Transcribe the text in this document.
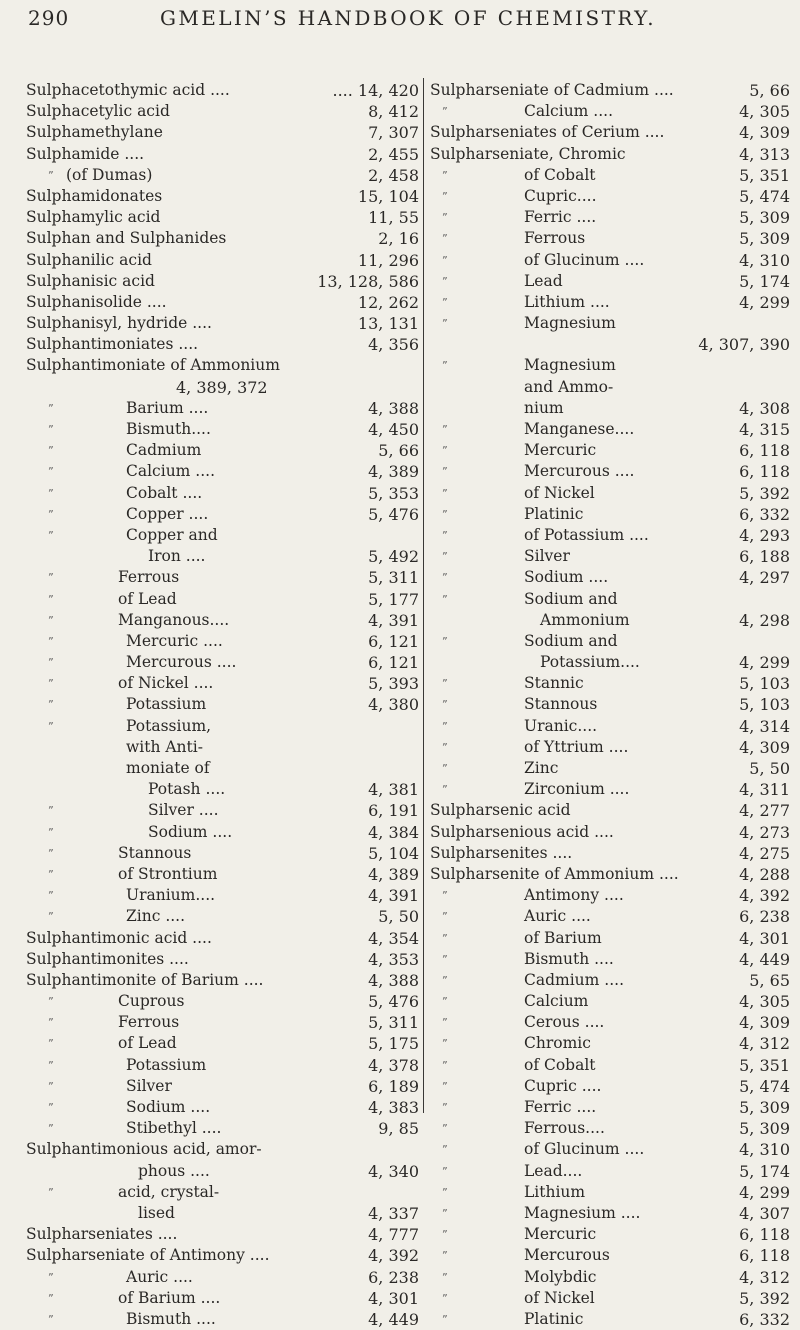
290	GMELIN’S HANDBOOK OF CHEMISTRY.
Sulphacetothymic acid ....	.... 14, 420
Sulphacetylic acid	8, 412
Sulphamethylane	7, 307
Sulphamide ....	2, 455
” (of Dumas)	2, 458
Sulphamidonates	15, 104
Sulphamylic acid	11, 55
Sulphan and Sulphanides	2, 16
Sulphanilic acid	11, 296
Sulphanisic acid	13, 128, 586
Sulphanisolide ....	12, 262
Sulphanisyl, hydride ....	13, 131
Sulphantimoniates ....	4, 356
Sulphantimoniate of Ammonium
4, 389, 372
”	Barium ....	4, 388
”	Bismuth....	4, 450
”	Cadmium	5, 66
”	Calcium ....	4, 389
”	Cobalt ....	5, 353
”	Copper ....	5, 476
”	Copper and
Iron ....	5, 492
”	Ferrous	5, 311
”	of Lead	5, 177
”	Manganous....	4, 391
”	Mercuric ....	6, 121
”	Mercurous ....	6, 121
”	of Nickel ....	5, 393
”	Potassium	4, 380
”	Potassium,
with Anti-
moniate of
Potash ....	4, 381
”	Silver ....	6, 191
”	Sodium ....	4, 384
”	Stannous	5, 104
”	of Strontium	4, 389
”	Uranium....	4, 391
”	Zinc ....	5, 50
Sulphantimonic acid ....	4, 354
Sulphantimonites ....	4, 353
Sulphantimonite of Barium ....	4, 388
”	Cuprous	5, 476
”	Ferrous	5, 311
”	of Lead	5, 175
”	Potassium	4, 378
”	Silver	6, 189
”	Sodium ....	4, 383
”	Stibethyl ....	9, 85
Sulphantimonious acid, amor-
phous ....	4, 340
”	acid, crystal-
lised	4, 337
Sulpharseniates ....	4, 777
Sulpharseniate of Antimony ....	4, 392
”	Auric ....	6, 238
”	of Barium ....	4, 301
”	Bismuth ....	4, 449
Sulpharseniate of Cadmium ....	5, 66
”	Calcium ....	4, 305
Sulpharseniates of Cerium ....	4, 309
Sulpharseniate, Chromic	4, 313
”	of Cobalt	5, 351
”	Cupric....	5, 474
”	Ferric ....	5, 309
”	Ferrous	5, 309
”	of Glucinum ....	4, 310
”	Lead	5, 174
”	Lithium ....	4, 299
”	Magnesium
4, 307, 390
”	Magnesium
and Ammo-
nium	4, 308
”	Manganese....	4, 315
”	Mercuric	6, 118
”	Mercurous ....	6, 118
”	of Nickel	5, 392
”	Platinic	6, 332
”	of Potassium ....	4, 293
”	Silver	6, 188
”	Sodium ....	4, 297
”	Sodium and
Ammonium	4, 298
”	Sodium and
Potassium....	4, 299
”	Stannic	5, 103
”	Stannous	5, 103
”	Uranic....	4, 314
”	of Yttrium ....	4, 309
”	Zinc	5, 50
”	Zirconium ....	4, 311
Sulpharsenic acid	4, 277
Sulpharsenious acid ....	4, 273
Sulpharsenites ....	4, 275
Sulpharsenite of Ammonium ....	4, 288
”	Antimony ....	4, 392
”	Auric ....	6, 238
”	of Barium	4, 301
”	Bismuth ....	4, 449
”	Cadmium ....	5, 65
”	Calcium	4, 305
”	Cerous ....	4, 309
”	Chromic	4, 312
”	of Cobalt	5, 351
”	Cupric ....	5, 474
”	Ferric ....	5, 309
”	Ferrous....	5, 309
”	of Glucinum ....	4, 310
”	Lead....	5, 174
”	Lithium	4, 299
”	Magnesium ....	4, 307
”	Mercuric	6, 118
”	Mercurous	6, 118
”	Molybdic	4, 312
”	of Nickel	5, 392
”	Platinic	6, 332
